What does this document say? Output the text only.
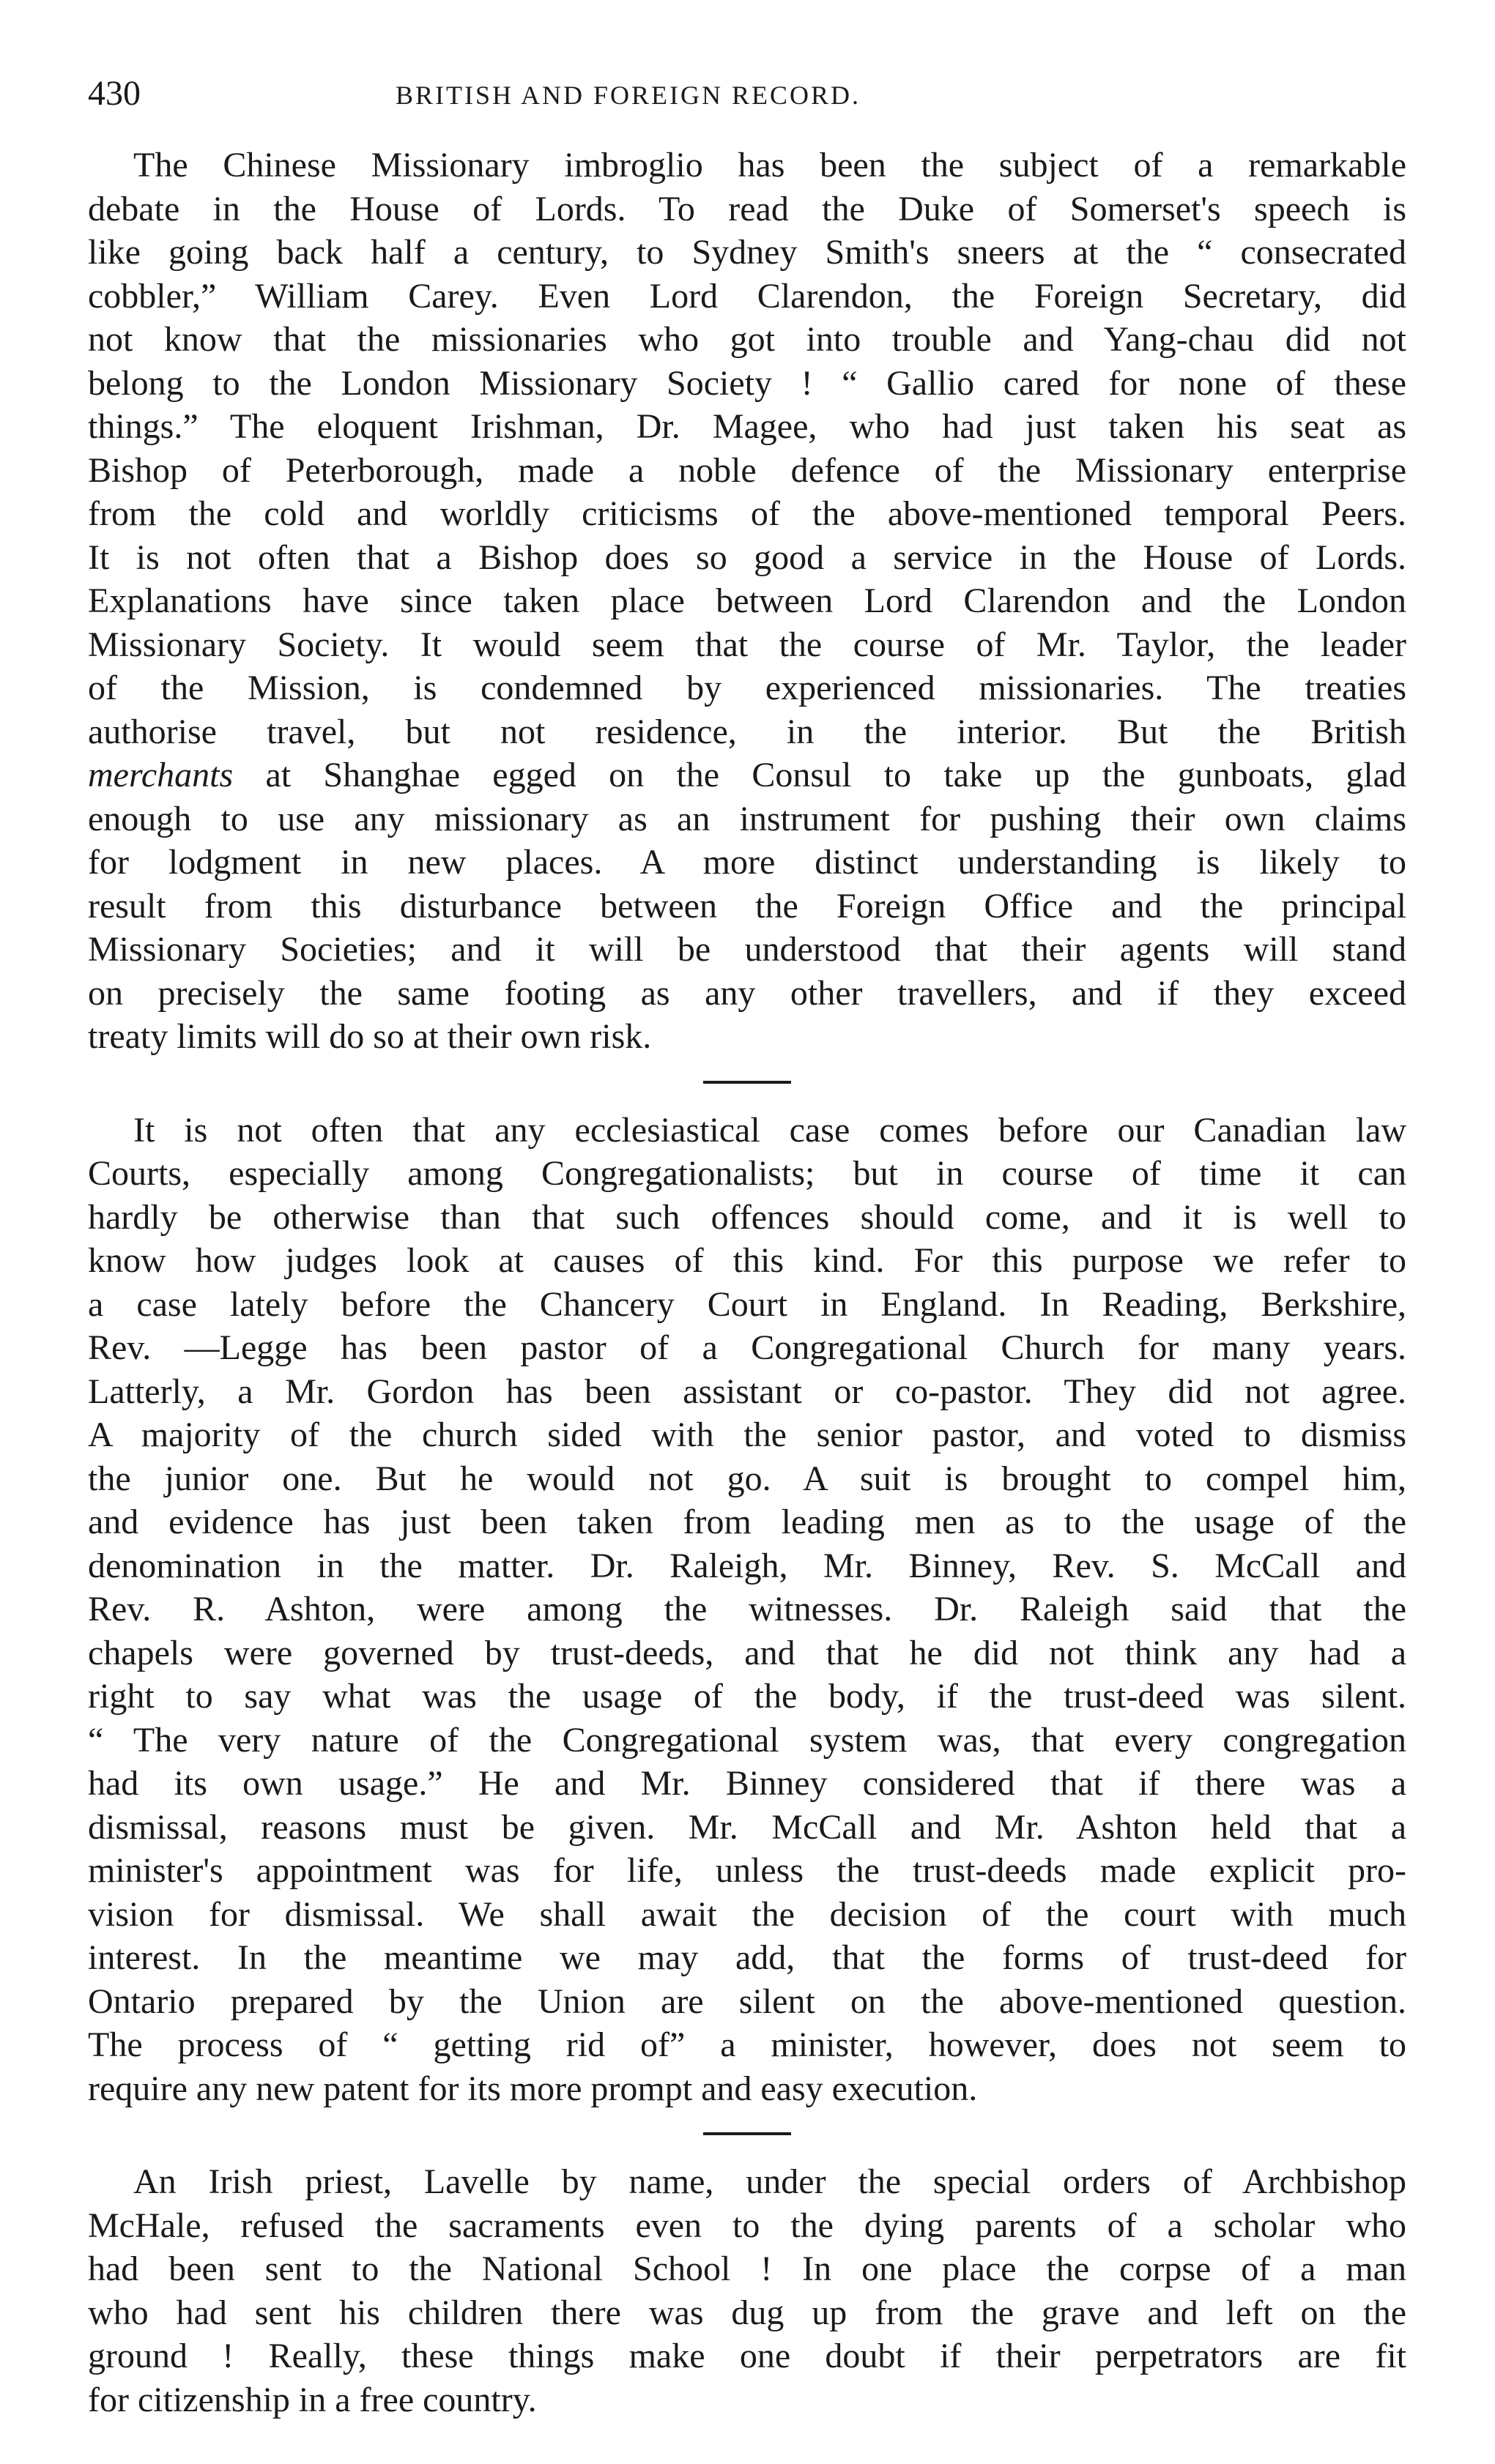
430	BRITISH AND FOREIGN RECORD.
The Chinese Missionary imbroglio has been the subject of a remarkable
debate in the House of Lords. To read the Duke of Somerset's speech is
like going back half a century, to Sydney Smith's sneers at the “ consecrated
cobbler,” William Carey. Even Lord Clarendon, the Foreign Secretary, did
not know that the missionaries who got into trouble and Yang-chau did not
belong to the London Missionary Society ! “ Gallio cared for none of these
things.” The eloquent Irishman, Dr. Magee, who had just taken his seat as
Bishop of Peterborough, made a noble defence of the Missionary enterprise
from the cold and worldly criticisms of the above-mentioned temporal Peers.
It is not often that a Bishop does so good a service in the House of Lords.
Explanations have since taken place between Lord Clarendon and the London
Missionary Society. It would seem that the course of Mr. Taylor, the leader
of the Mission, is condemned by experienced missionaries. The treaties
authorise travel, but not residence, in the interior. But the British
merchants at Shanghae egged on the Consul to take up the gunboats, glad
enough to use any missionary as an instrument for pushing their own claims
for lodgment in new places. A more distinct understanding is likely to
result from this disturbance between the Foreign Office and the principal
Missionary Societies; and it will be understood that their agents will stand
on precisely the same footing as any other travellers, and if they exceed
treaty limits will do so at their own risk.
It is not often that any ecclesiastical case comes before our Canadian law
Courts, especially among Congregationalists; but in course of time it can
hardly be otherwise than that such offences should come, and it is well to
know how judges look at causes of this kind. For this purpose we refer to
a case lately before the Chancery Court in England. In Reading, Berkshire,
Rev. —Legge has been pastor of a Congregational Church for many years.
Latterly, a Mr. Gordon has been assistant or co-pastor. They did not agree.
A majority of the church sided with the senior pastor, and voted to dismiss
the junior one. But he would not go. A suit is brought to compel him,
and evidence has just been taken from leading men as to the usage of the
denomination in the matter. Dr. Raleigh, Mr. Binney, Rev. S. McCall and
Rev. R. Ashton, were among the witnesses. Dr. Raleigh said that the
chapels were governed by trust-deeds, and that he did not think any had a
right to say what was the usage of the body, if the trust-deed was silent.
“ The very nature of the Congregational system was, that every congregation
had its own usage.” He and Mr. Binney considered that if there was a
dismissal, reasons must be given. Mr. McCall and Mr. Ashton held that a
minister's appointment was for life, unless the trust-deeds made explicit pro-
vision for dismissal. We shall await the decision of the court with much
interest. In the meantime we may add, that the forms of trust-deed for
Ontario prepared by the Union are silent on the above-mentioned question.
The process of “ getting rid of” a minister, however, does not seem to
require any new patent for its more prompt and easy execution.
An Irish priest, Lavelle by name, under the special orders of Archbishop
McHale, refused the sacraments even to the dying parents of a scholar who
had been sent to the National School ! In one place the corpse of a man
who had sent his children there was dug up from the grave and left on the
ground ! Really, these things make one doubt if their perpetrators are fit
for citizenship in a free country.
